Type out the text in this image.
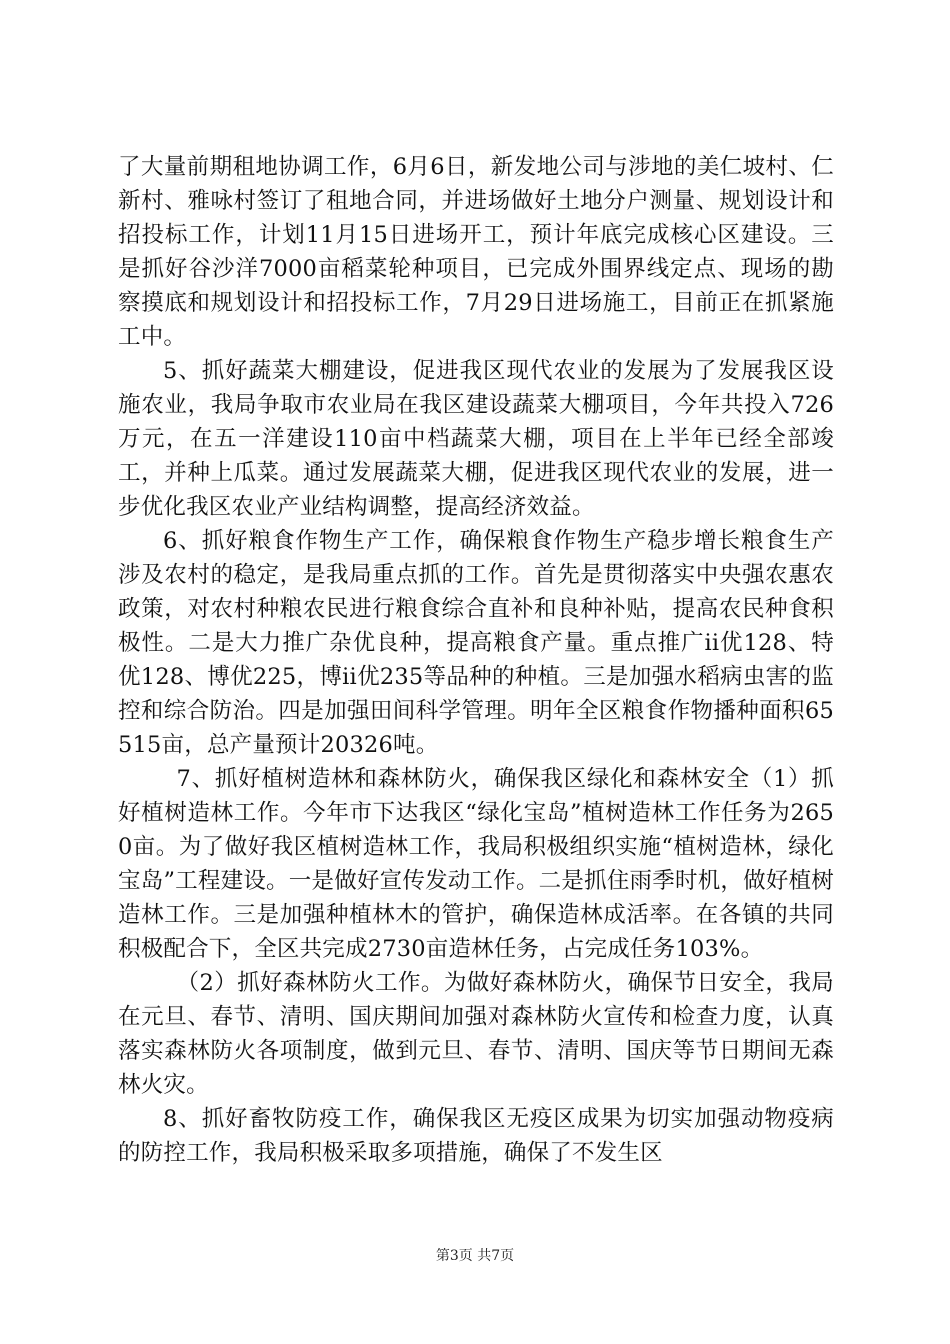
了大量前期租地协调工作，6月6日，新发地公司与涉地的美仁坡村、仁新村、雅咏村签订了租地合同，并进场做好土地分户测量、规划设计和招投标工作，计划11月15日进场开工，预计年底完成核心区建设。三是抓好谷沙洋7000亩稻菜轮种项目，已完成外围界线定点、现场的勘察摸底和规划设计和招投标工作，7月29日进场施工，目前正在抓紧施工中。

5、抓好蔬菜大棚建设，促进我区现代农业的发展为了发展我区设施农业，我局争取市农业局在我区建设蔬菜大棚项目，今年共投入726万元，在五一洋建设110亩中档蔬菜大棚，项目在上半年已经全部竣工，并种上瓜菜。通过发展蔬菜大棚，促进我区现代农业的发展，进一步优化我区农业产业结构调整，提高经济效益。

6、抓好粮食作物生产工作，确保粮食作物生产稳步增长粮食生产涉及农村的稳定，是我局重点抓的工作。首先是贯彻落实中央强农惠农政策，对农村种粮农民进行粮食综合直补和良种补贴，提高农民种食积极性。二是大力推广杂优良种，提高粮食产量。重点推广ii优128、特优128、博优225，博ii优235等品种的种植。三是加强水稻病虫害的监控和综合防治。四是加强田间科学管理。明年全区粮食作物播种面积65515亩，总产量预计20326吨。

7、抓好植树造林和森林防火，确保我区绿化和森林安全（1）抓好植树造林工作。今年市下达我区“绿化宝岛”植树造林工作任务为2650亩。为了做好我区植树造林工作，我局积极组织实施“植树造林，绿化宝岛”工程建设。一是做好宣传发动工作。二是抓住雨季时机，做好植树造林工作。三是加强种植林木的管护，确保造林成活率。在各镇的共同积极配合下，全区共完成2730亩造林任务，占完成任务103%。

（2）抓好森林防火工作。为做好森林防火，确保节日安全，我局在元旦、春节、清明、国庆期间加强对森林防火宣传和检查力度，认真落实森林防火各项制度，做到元旦、春节、清明、国庆等节日期间无森林火灾。

8、抓好畜牧防疫工作，确保我区无疫区成果为切实加强动物疫病的防控工作，我局积极采取多项措施，确保了不发生区

第3页 共7页
